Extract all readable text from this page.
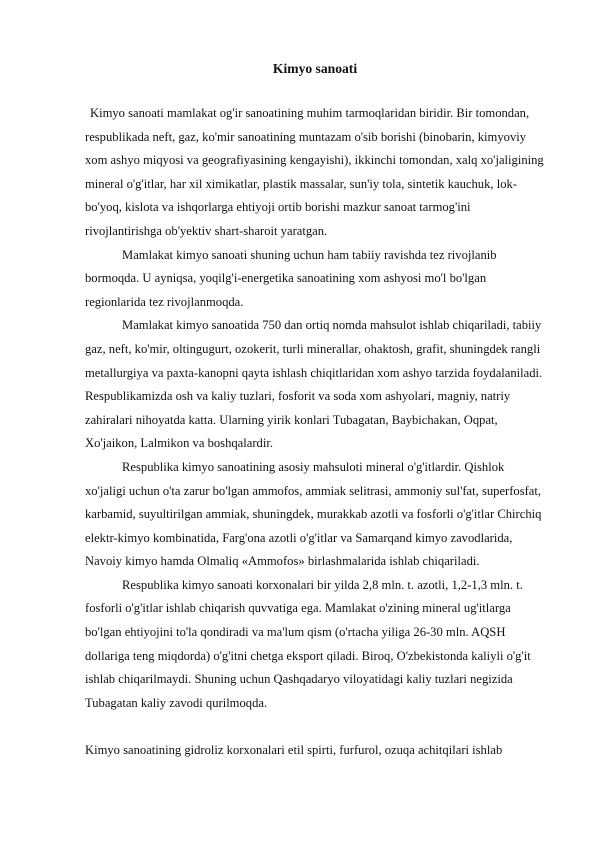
Kimyo sanoati

Kimyo sanoati mamlakat og'ir sanoatining muhim tarmoqlaridan biridir. Bir tomondan, respublikada neft, gaz, ko'mir sanoatining muntazam o'sib borishi (binobarin, kimyoviy xom ashyo miqyosi va geografiyasining kengayishi), ikkinchi tomondan, xalq xo'jaligining mineral o'g'itlar, har xil ximikatlar, plastik massalar, sun'iy tola, sintetik kauchuk, lok-bo'yoq, kislota va ishqorlarga ehtiyoji ortib borishi mazkur sanoat tarmog'ini rivojlantirishga ob'yektiv shart-sharoit yaratgan.

Mamlakat kimyo sanoati shuning uchun ham tabiiy ravishda tez rivojlanib bormoqda. U ayniqsa, yoqilg'i-energetika sanoatining xom ashyosi mo'l bo'lgan regionlarida tez rivojlanmoqda.

Mamlakat kimyo sanoatida 750 dan ortiq nomda mahsulot ishlab chiqariladi, tabiiy gaz, neft, ko'mir, oltingugurt, ozokerit, turli minerallar, ohaktosh, grafit, shuningdek rangli metallurgiya va paxta-kanopni qayta ishlash chiqitlaridan xom ashyo tarzida foydalaniladi. Respublikamizda osh va kaliy tuzlari, fosforit va soda xom ashyolari, magniy, natriy zahiralari nihoyatda katta. Ularning yirik konlari Tubagatan, Baybichakan, Oqpat, Xo'jaikon, Lalmikon va boshqalardir.

Respublika kimyo sanoatining asosiy mahsuloti mineral o'g'itlardir. Qishlok xo'jaligi uchun o'ta zarur bo'lgan ammofos, ammiak selitrasi, ammoniy sul'fat, superfosfat, karbamid, suyultirilgan ammiak, shuningdek, murakkab azotli va fosforli o'g'itlar Chirchiq elektr-kimyo kombinatida, Farg'ona azotli o'g'itlar va Samarqand kimyo zavodlarida, Navoiy kimyo hamda Olmaliq «Ammofos» birlashmalarida ishlab chiqariladi.

Respublika kimyo sanoati korxonalari bir yilda 2,8 mln. t. azotli, 1,2-1,3 mln. t. fosforli o'g'itlar ishlab chiqarish quvvatiga ega. Mamlakat o'zining mineral ug'itlarga bo'lgan ehtiyojini to'la qondiradi va ma'lum qism (o'rtacha yiliga 26-30 mln. AQSH dollariga teng miqdorda) o'g'itni chetga eksport qiladi. Biroq, O'zbekistonda kaliyli o'g'it ishlab chiqarilmaydi. Shuning uchun Qashqadaryo viloyatidagi kaliy tuzlari negizida Tubagatan kaliy zavodi qurilmoqda.

Kimyo sanoatining gidroliz korxonalari etil spirti, furfurol, ozuqa achitqilari ishlab
